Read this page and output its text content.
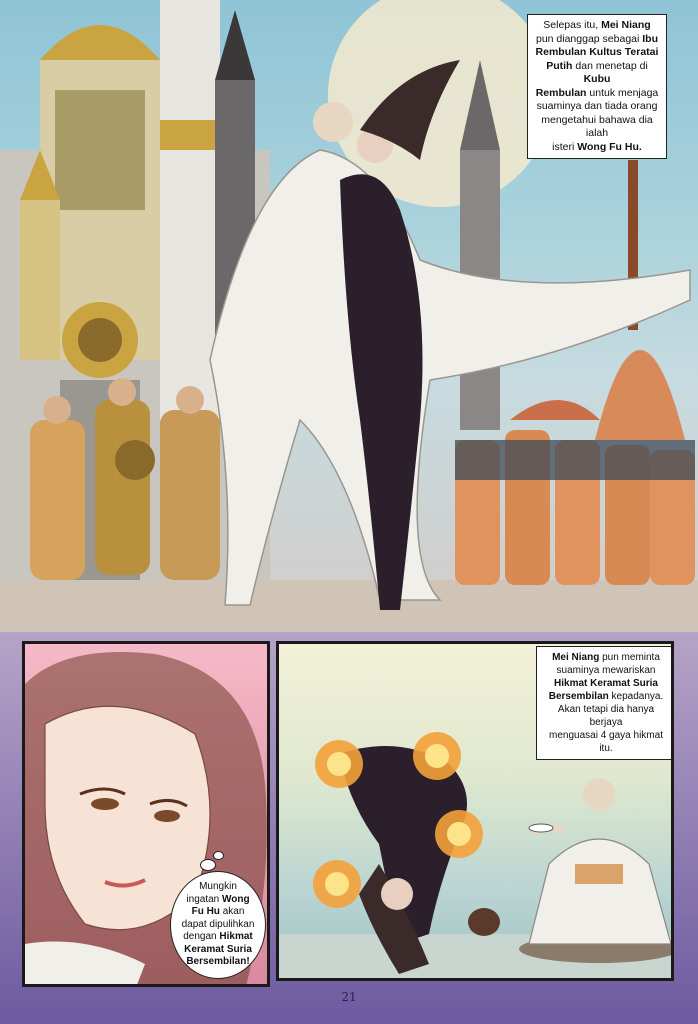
Selepas itu, Mei Niang
pun dianggap sebagai Ibu
Rembulan Kultus Teratai
Putih dan menetap di Kubu
Rembulan untuk menjaga
suaminya dan tiada orang
mengetahui bahawa dia ialah
isteri Wong Fu Hu.
Mungkin
ingatan Wong
Fu Hu akan
dapat dipulihkan
dengan Hikmat
Keramat Suria
Bersembilan!
Mei Niang pun meminta
suaminya mewariskan
Hikmat Keramat Suria
Bersembilan kepadanya.
Akan tetapi dia hanya berjaya
menguasai 4 gaya hikmat itu.
21
